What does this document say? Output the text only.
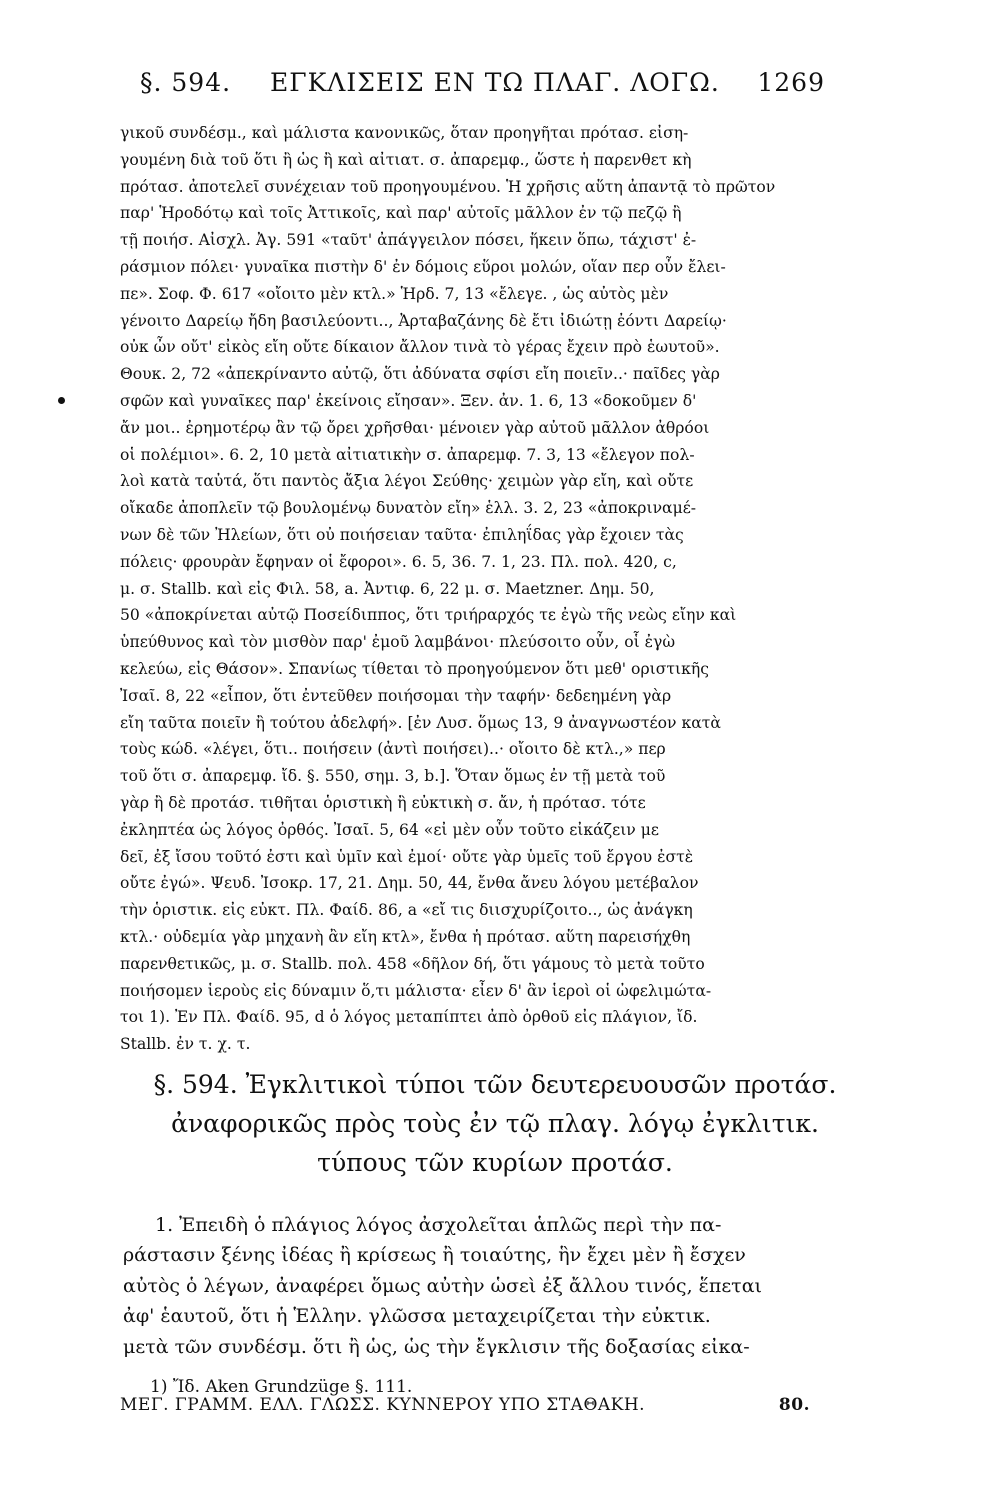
§. 594. ΕΓΚΛΙΣΕΙΣ ΕΝ ΤΩ ΠΛΑΓ. ΛΟΓΩ. 1269
γικοῦ συνδέσμ., καὶ μάλιστα κανονικῶς, ὅταν προηγῆται πρότασ. εἰση-
γουμένη διὰ τοῦ ὅτι ἢ ὡς ἢ καὶ αἰτιατ. σ. ἀπαρεμφ., ὥστε ἡ παρενθετ κὴ
πρότασ. ἀποτελεῖ συνέχειαν τοῦ προηγουμένου. Ἡ χρῆσις αὕτη ἀπαντᾷ τὸ πρῶτον
παρ' Ἡροδότῳ καὶ τοῖς Ἀττικοῖς, καὶ παρ' αὐτοῖς μᾶλλον ἐν τῷ πεζῷ ἢ
τῇ ποιήσ. Αἰσχλ. Ἀγ. 591 «ταῦτ' ἀπάγγειλον πόσει, ἥκειν ὅπω, τάχιστ' ἐ-
ράσμιον πόλει· γυναῖκα πιστὴν δ' ἐν δόμοις εὕροι μολών, οἵαν περ οὖν ἔλει-
πε». Σοφ. Φ. 617 «οἴοιτο μὲν κτλ.» Ἡρδ. 7, 13 «ἔλεγε. , ὡς αὐτὸς μὲν
γένοιτο Δαρείῳ ἤδη βασιλεύοντι.., Ἀρταβαζάνης δὲ ἔτι ἰδιώτῃ ἐόντι Δαρείῳ·
οὐκ ὦν οὔτ' εἰκὸς εἴη οὔτε δίκαιον ἄλλον τινὰ τὸ γέρας ἔχειν πρὸ ἑωυτοῦ».
Θουκ. 2, 72 «ἀπεκρίναντο αὐτῷ, ὅτι ἀδύνατα σφίσι εἴη ποιεῖν..· παῖδες γὰρ
σφῶν καὶ γυναῖκες παρ' ἐκείνοις εἴησαν». Ξεν. ἀν. 1. 6, 13 «δοκοῦμεν δ'
ἄν μοι.. ἐρημοτέρῳ ἂν τῷ ὄρει χρῆσθαι· μένοιεν γὰρ αὐτοῦ μᾶλλον ἀθρόοι
οἱ πολέμιοι». 6. 2, 10 μετὰ αἰτιατικὴν σ. ἀπαρεμφ. 7. 3, 13 «ἔλεγον πολ-
λοὶ κατὰ ταὐτά, ὅτι παντὸς ἄξια λέγοι Σεύθης· χειμὼν γὰρ εἴη, καὶ οὔτε
οἴκαδε ἀποπλεῖν τῷ βουλομένῳ δυνατὸν εἴη» ἑλλ. 3. 2, 23 «ἀποκριναμέ-
νων δὲ τῶν Ἠλείων, ὅτι οὐ ποιήσειαν ταῦτα· ἐπιληΐδας γὰρ ἔχοιεν τὰς
πόλεις· φρουρὰν ἔφηναν οἱ ἔφοροι». 6. 5, 36. 7. 1, 23. Πλ. πολ. 420, c,
μ. σ. Stallb. καὶ εἰς Φιλ. 58, a. Ἀντιφ. 6, 22 μ. σ. Maetzner. Δημ. 50,
50 «ἀποκρίνεται αὐτῷ Ποσείδιππος, ὅτι τριήραρχός τε ἐγὼ τῆς νεὼς εἴην καὶ
ὑπεύθυνος καὶ τὸν μισθὸν παρ' ἐμοῦ λαμβάνοι· πλεύσοιτο οὖν, οἷ ἐγὼ
κελεύω, εἰς Θάσον». Σπανίως τίθεται τὸ προηγούμενον ὅτι μεθ' οριστικῆς
Ἰσαῖ. 8, 22 «εἶπον, ὅτι ἐντεῦθεν ποιήσομαι τὴν ταφήν· δεδεημένη γὰρ
εἴη ταῦτα ποιεῖν ἢ τούτου ἀδελφή». [ἐν Λυσ. ὅμως 13, 9 ἀναγνωστέον κατὰ
τοὺς κώδ. «λέγει, ὅτι.. ποιήσειν (ἀντὶ ποιήσει)..· οἴοιτο δὲ κτλ.,» περ
τοῦ ὅτι σ. ἀπαρεμφ. ἴδ. §. 550, σημ. 3, b.]. Ὅταν ὅμως ἐν τῇ μετὰ τοῦ
γὰρ ἢ δὲ προτάσ. τιθῆται ὁριστικὴ ἢ εὐκτικὴ σ. ἄν, ἡ πρότασ. τότε
ἐκληπτέα ὡς λόγος ὀρθός. Ἰσαῖ. 5, 64 «εἰ μὲν οὖν τοῦτο εἰκάζειν με
δεῖ, ἐξ ἴσου τοῦτό ἐστι καὶ ὑμῖν καὶ ἐμοί· οὔτε γὰρ ὑμεῖς τοῦ ἔργου ἐστὲ
οὔτε ἐγώ». Ψευδ. Ἰσοκρ. 17, 21. Δημ. 50, 44, ἔνθα ἄνευ λόγου μετέβαλον
τὴν ὁριστικ. εἰς εὐκτ. Πλ. Φαίδ. 86, a «εἴ τις διισχυρίζοιτο.., ὡς ἀνάγκη
κτλ.· οὐδεμία γὰρ μηχανὴ ἂν εἴη κτλ», ἔνθα ἡ πρότασ. αὕτη παρεισήχθη
παρενθετικῶς, μ. σ. Stallb. πολ. 458 «δῆλον δή, ὅτι γάμους τὸ μετὰ τοῦτο
ποιήσομεν ἱεροὺς εἰς δύναμιν ὅ,τι μάλιστα· εἶεν δ' ἂν ἱεροὶ οἱ ὠφελιμώτα-
τοι 1). Ἐν Πλ. Φαίδ. 95, d ὁ λόγος μεταπίπτει ἀπὸ ὀρθοῦ εἰς πλάγιον, ἴδ.
Stallb. ἐν τ. χ. τ.
§. 594. Ἐγκλιτικοὶ τύποι τῶν δευτερευουσῶν προτάσ.
ἀναφορικῶς πρὸς τοὺς ἐν τῷ πλαγ. λόγῳ ἐγκλιτικ.
τύπους τῶν κυρίων προτάσ.
1. Ἐπειδὴ ὁ πλάγιος λόγος ἀσχολεῖται ἁπλῶς περὶ τὴν πα-
ράστασιν ξένης ἰδέας ἢ κρίσεως ἢ τοιαύτης, ἣν ἔχει μὲν ἢ ἔσχεν
αὐτὸς ὁ λέγων, ἀναφέρει ὅμως αὐτὴν ὡσεὶ ἐξ ἄλλου τινός, ἕπεται
ἀφ' ἑαυτοῦ, ὅτι ἡ Ἑλλην. γλῶσσα μεταχειρίζεται τὴν εὐκτικ.
μετὰ τῶν συνδέσμ. ὅτι ἢ ὡς, ὡς τὴν ἔγκλισιν τῆς δοξασίας εἰκα-
1) Ἴδ. Aken Grundzüge §. 111.
ΜΕΓ. ΓΡΑΜΜ. ΕΛΛ. ΓΛΩΣΣ. ΚΥΝΝΕΡΟΥ ΥΠΟ ΣΤΑΘΑΚΗ.	80.
